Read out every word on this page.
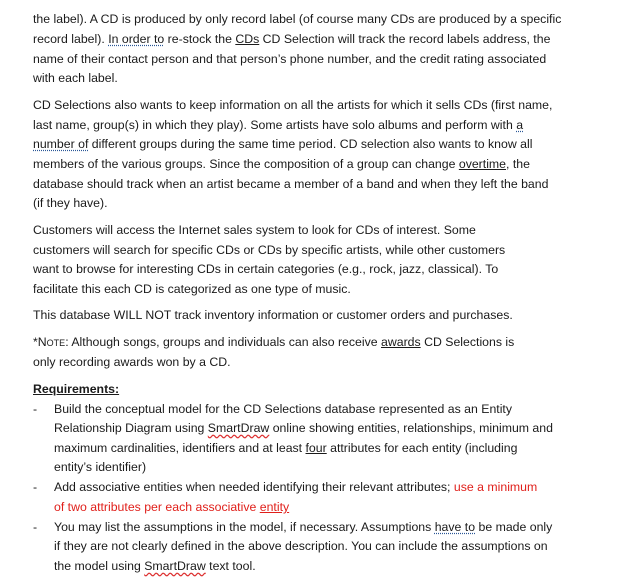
the label). A CD is produced by only record label (of course many CDs are produced by a specific
record label). In order to re-stock the CDs CD Selection will track the record labels address, the
name of their contact person and that person’s phone number, and the credit rating associated
with each label.
CD Selections also wants to keep information on all the artists for which it sells CDs (first name,
last name, group(s) in which they play). Some artists have solo albums and perform with a
number of different groups during the same time period. CD selection also wants to know all
members of the various groups. Since the composition of a group can change overtime, the
database should track when an artist became a member of a band and when they left the band
(if they have).
Customers will access the Internet sales system to look for CDs of interest. Some
customers will search for specific CDs or CDs by specific artists, while other customers
want to browse for interesting CDs in certain categories (e.g., rock, jazz, classical). To
facilitate this each CD is categorized as one type of music.
This database WILL NOT track inventory information or customer orders and purchases.
*Note: Although songs, groups and individuals can also receive awards CD Selections is
only recording awards won by a CD.
Requirements:
- Build the conceptual model for the CD Selections database represented as an Entity
Relationship Diagram using SmartDraw online showing entities, relationships, minimum and
maximum cardinalities, identifiers and at least four attributes for each entity (including
entity’s identifier)
- Add associative entities when needed identifying their relevant attributes; use a minimum
of two attributes per each associative entity
- You may list the assumptions in the model, if necessary. Assumptions have to be made only
if they are not clearly defined in the above description. You can include the assumptions on
the model using SmartDraw text tool.
